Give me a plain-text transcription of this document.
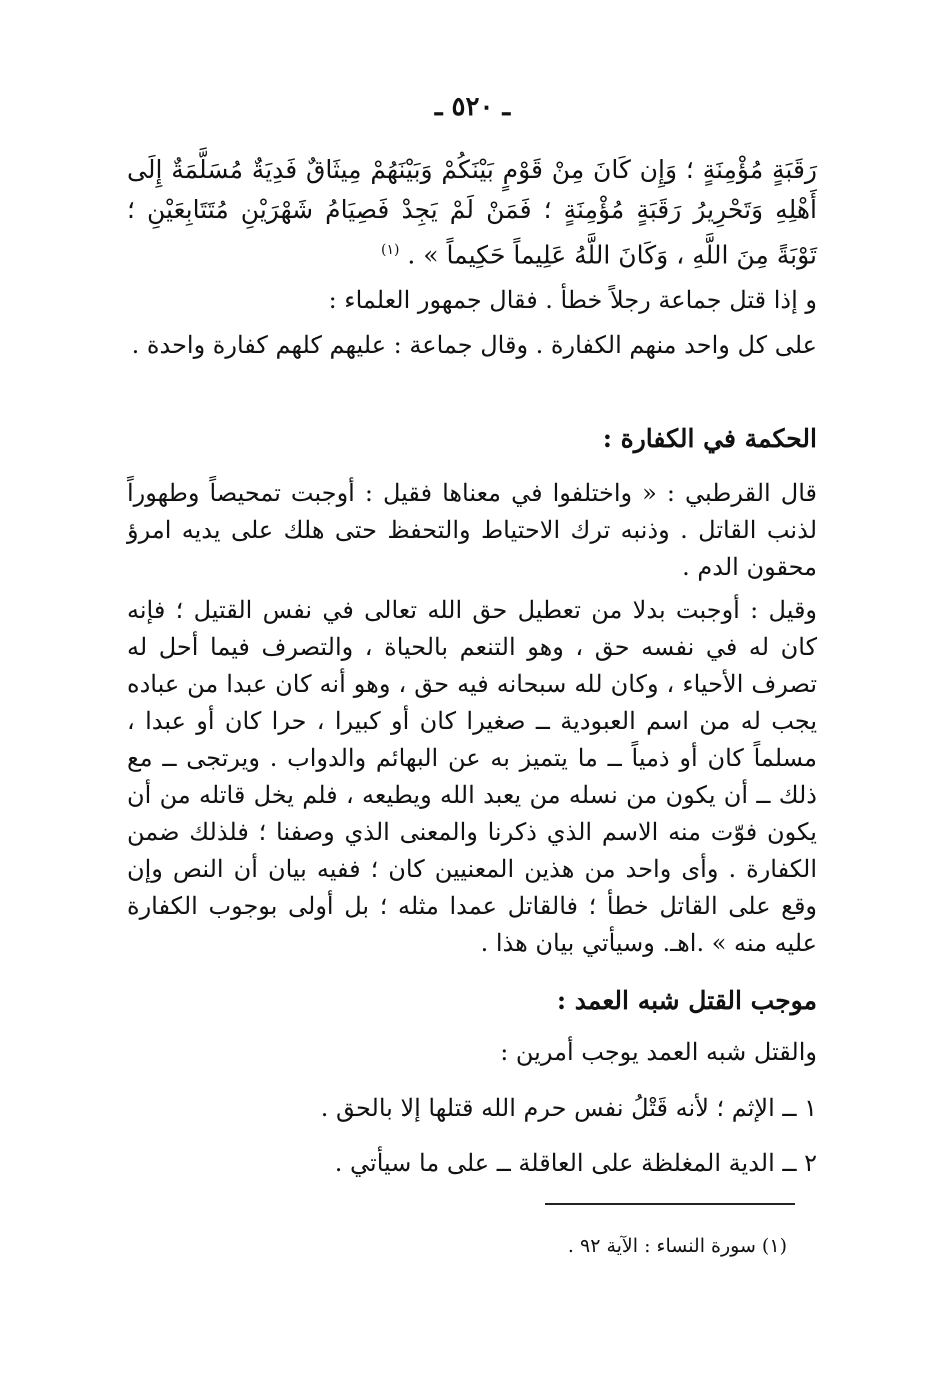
ـ ٥٢٠ ـ
رَقَبَةٍ مُؤْمِنَةٍ ؛ وَإِن كَانَ مِنْ قَوْمٍ بَيْنَكُمْ وَبَيْنَهُمْ مِيثَاقٌ فَدِيَةٌ مُسَلَّمَةٌ إِلَى أَهْلِهِ وَتَحْرِيرُ رَقَبَةٍ مُؤْمِنَةٍ ؛ فَمَنْ لَمْ يَجِدْ فَصِيَامُ شَهْرَيْنِ مُتَتَابِعَيْنِ ؛ تَوْبَةً مِنَ اللَّهِ ، وَكَانَ اللَّهُ عَلِيماً حَكِيماً » . $^{(١)}$
و إذا قتل جماعة رجلاً خطأ . فقال جمهور العلماء :
على كل واحد منهم الكفارة . وقال جماعة : عليهم كلهم كفارة واحدة .
الحكمة في الكفارة :
قال القرطبي : « واختلفوا في معناها فقيل : أوجبت تمحيصاً وطهوراً لذنب القاتل . وذنبه ترك الاحتياط والتحفظ حتى هلك على يديه امرؤ محقون الدم .
وقيل : أوجبت بدلا من تعطيل حق الله تعالى في نفس القتيل ؛ فإنه كان له في نفسه حق ، وهو التنعم بالحياة ، والتصرف فيما أحل له تصرف الأحياء ، وكان لله سبحانه فيه حق ، وهو أنه كان عبدا من عباده يجب له من اسم العبودية ــ صغيرا كان أو كبيرا ، حرا كان أو عبدا ، مسلماً كان أو ذمياً ــ ما يتميز به عن البهائم والدواب . ويرتجى ــ مع ذلك ــ أن يكون من نسله من يعبد الله ويطيعه ، فلم يخل قاتله من أن يكون فوّت منه الاسم الذي ذكرنا والمعنى الذي وصفنا ؛ فلذلك ضمن الكفارة . وأى واحد من هذين المعنيين كان ؛ ففيه بيان أن النص وإن وقع على القاتل خطأ ؛ فالقاتل عمدا مثله ؛ بل أولى بوجوب الكفارة عليه منه » .اهـ. وسيأتي بيان هذا .
موجب القتل شبه العمد :
والقتل شبه العمد يوجب أمرين :
١ ــ الإثم ؛ لأنه قَتْلُ نفس حرم الله قتلها إلا بالحق .
٢ ــ الدية المغلظة على العاقلة ــ على ما سيأتي .
(١) سورة النساء : الآية ٩٢ .
